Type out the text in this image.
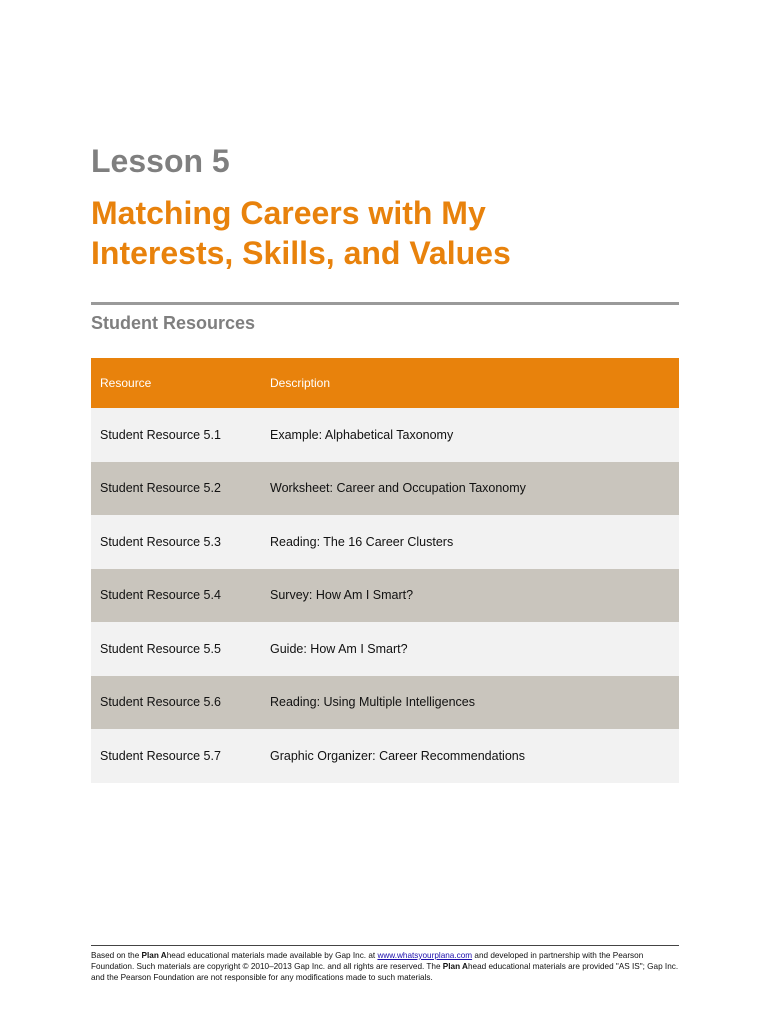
Lesson 5
Matching Careers with My
Interests, Skills, and Values
Student Resources
Resource	Description
Student Resource 5.1	Example: Alphabetical Taxonomy
Student Resource 5.2	Worksheet: Career and Occupation Taxonomy
Student Resource 5.3	Reading: The 16 Career Clusters
Student Resource 5.4	Survey: How Am I Smart?
Student Resource 5.5	Guide: How Am I Smart?
Student Resource 5.6	Reading: Using Multiple Intelligences
Student Resource 5.7	Graphic Organizer: Career Recommendations

Based on the Plan Ahead educational materials made available by Gap Inc. at www.whatsyourplana.com and developed in partnership with the Pearson Foundation. Such materials are copyright © 2010–2013 Gap Inc. and all rights are reserved. The Plan Ahead educational materials are provided "AS IS"; Gap Inc. and the Pearson Foundation are not responsible for any modifications made to such materials.
